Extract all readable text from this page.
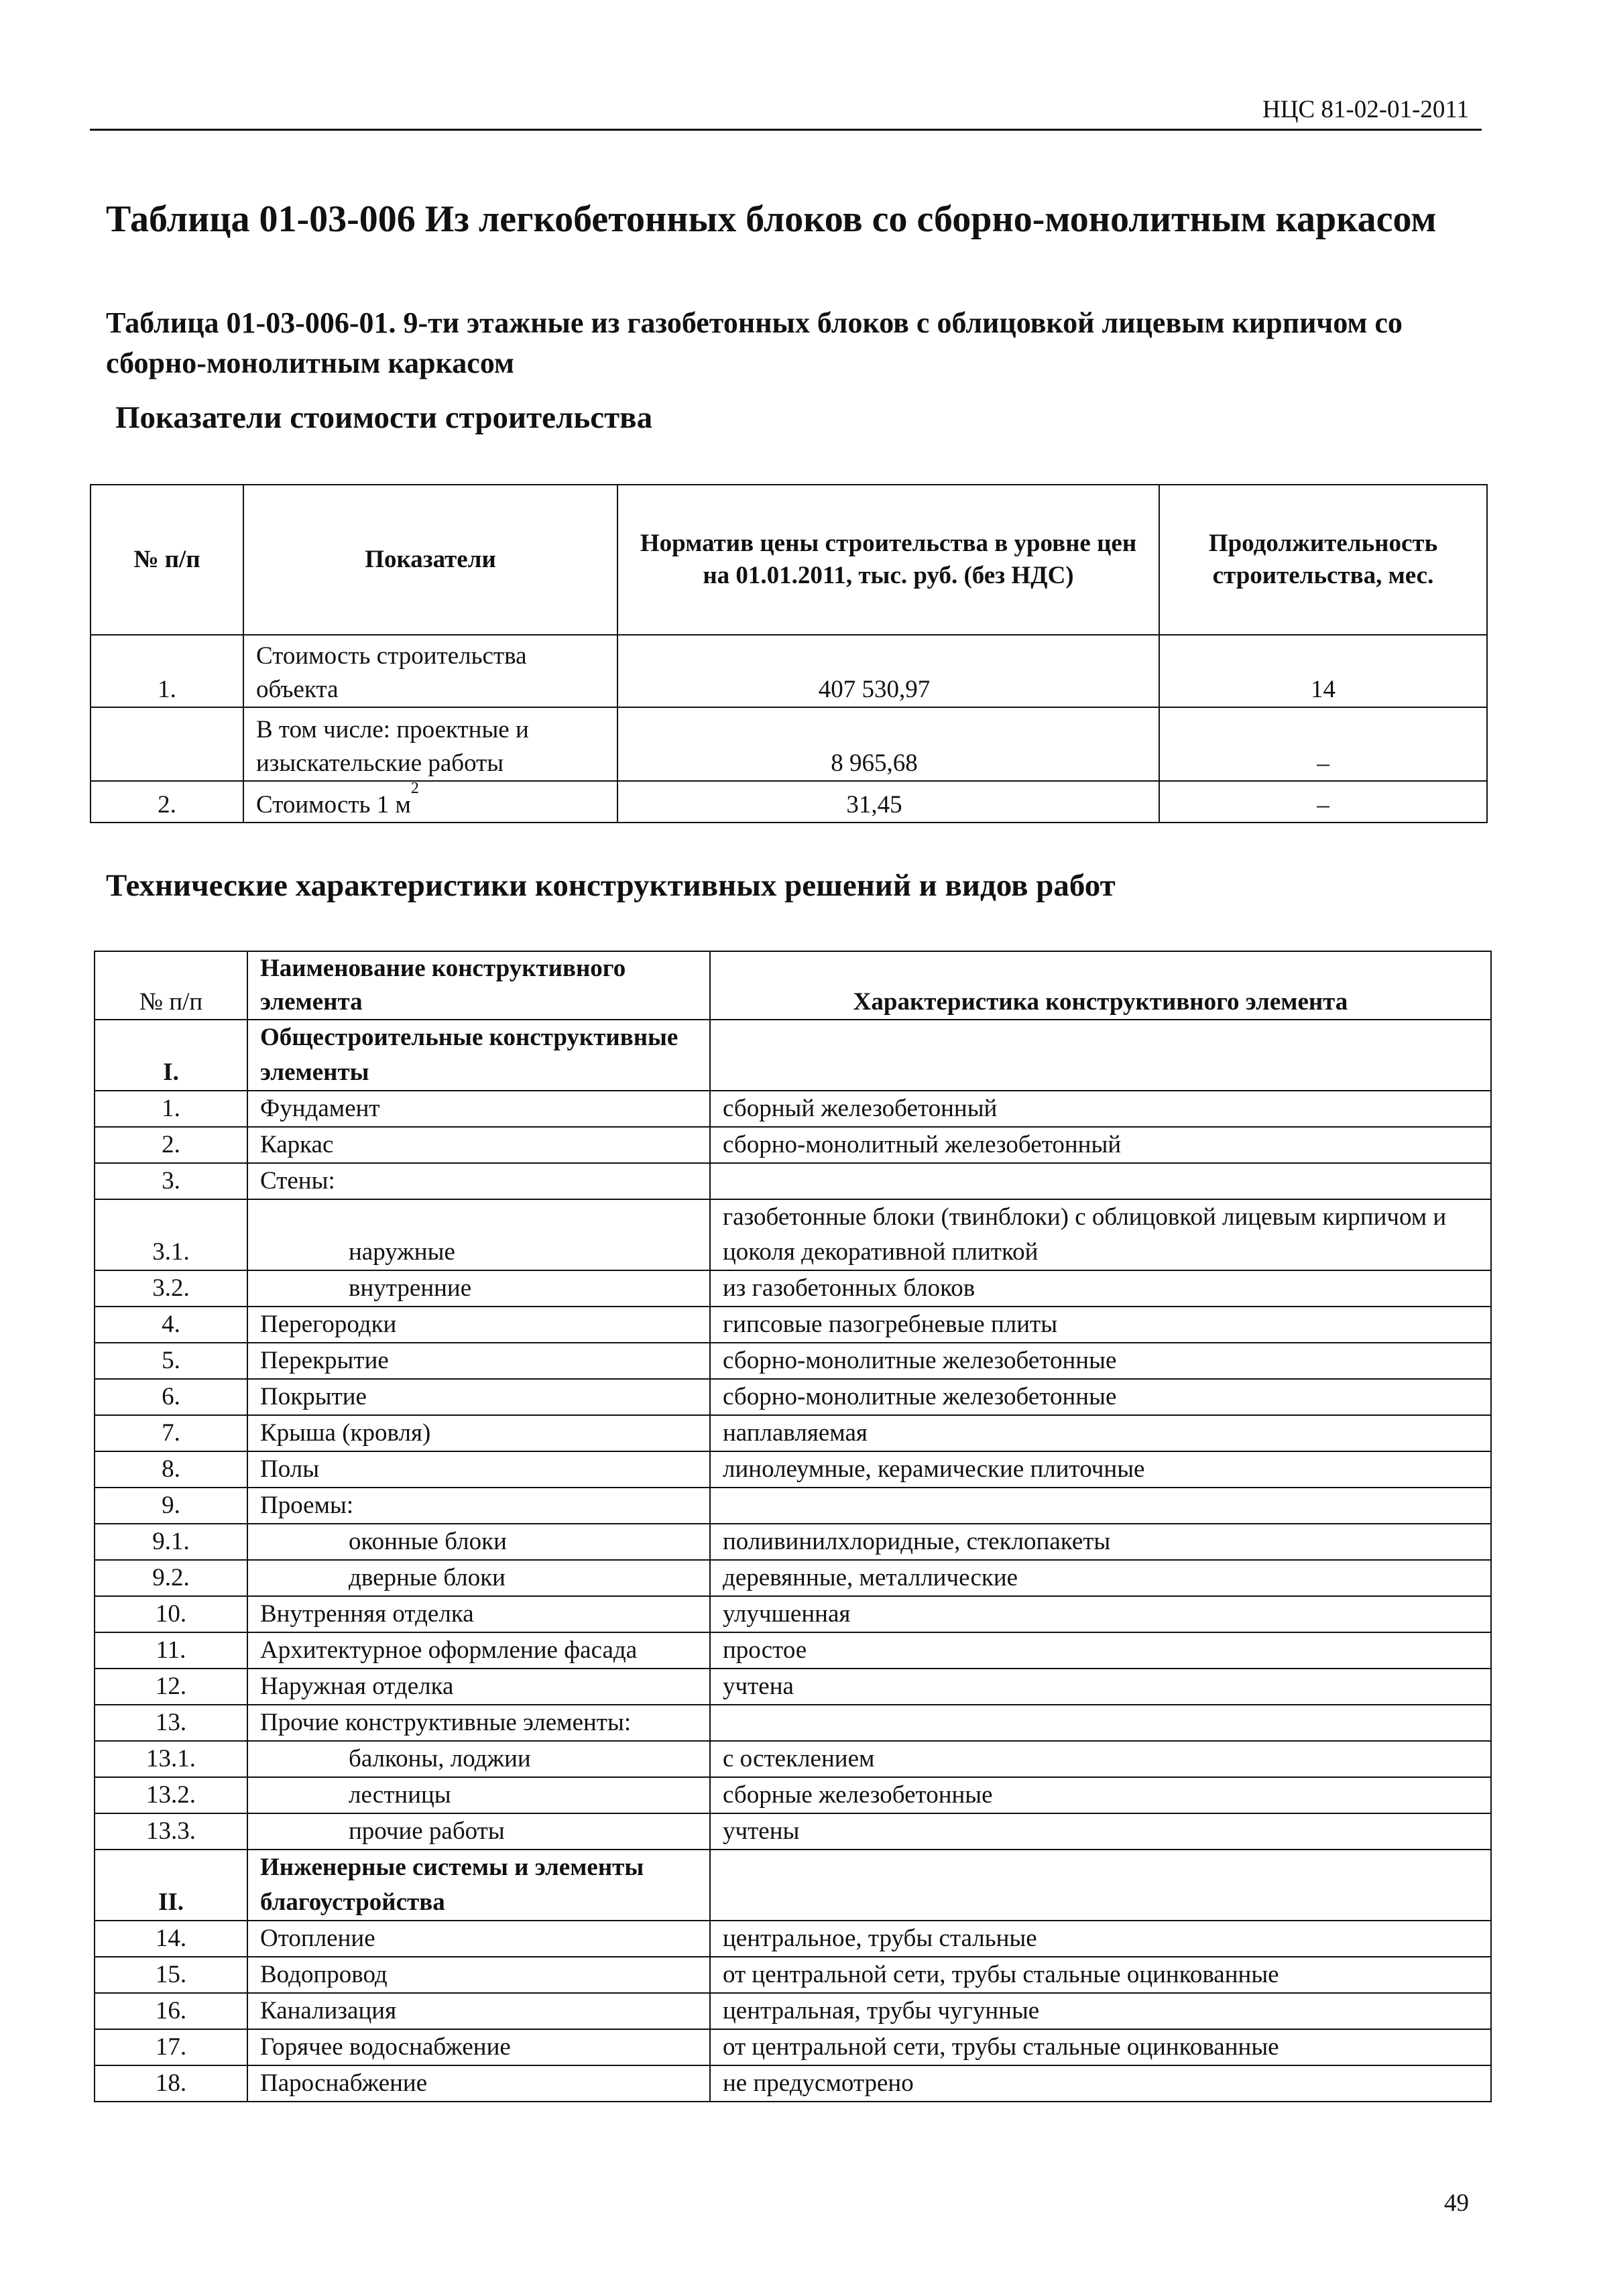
НЦС 81-02-01-2011
Таблица 01-03-006 Из легкобетонных блоков со сборно-монолитным каркасом
Таблица 01-03-006-01. 9-ти этажные из газобетонных блоков с облицовкой лицевым кирпичом со сборно-монолитным каркасом
Показатели стоимости строительства
№ п/п	Показатели	Норматив цены строительства в уровне цен на 01.01.2011, тыс. руб. (без НДС)	Продолжительность строительства, мес.
1.	Стоимость строительства объекта	407 530,97	14
	В том числе: проектные и изыскательские работы	8 965,68	–
2.	Стоимость 1 $м^2$	31,45	–
Технические характеристики конструктивных решений и видов работ
№ п/п	Наименование конструктивного элемента	Характеристика конструктивного элемента
I.	Общестроительные конструктивные элементы	
1.	Фундамент	сборный железобетонный
2.	Каркас	сборно-монолитный железобетонный
3.	Стены:	
3.1.	наружные	газобетонные блоки (твинблоки) с облицовкой лицевым кирпичом и цоколя декоративной плиткой
3.2.	внутренние	из газобетонных блоков
4.	Перегородки	гипсовые пазогребневые плиты
5.	Перекрытие	сборно-монолитные железобетонные
6.	Покрытие	сборно-монолитные железобетонные
7.	Крыша (кровля)	наплавляемая
8.	Полы	линолеумные, керамические плиточные
9.	Проемы:	
9.1.	оконные блоки	поливинилхлоридные, стеклопакеты
9.2.	дверные блоки	деревянные, металлические
10.	Внутренняя отделка	улучшенная
11.	Архитектурное оформление фасада	простое
12.	Наружная отделка	учтена
13.	Прочие конструктивные элементы:	
13.1.	балконы, лоджии	с остеклением
13.2.	лестницы	сборные железобетонные
13.3.	прочие работы	учтены
II.	Инженерные системы и элементы благоустройства	
14.	Отопление	центральное, трубы стальные
15.	Водопровод	от центральной сети, трубы стальные оцинкованные
16.	Канализация	центральная, трубы чугунные
17.	Горячее водоснабжение	от центральной сети, трубы стальные оцинкованные
18.	Пароснабжение	не предусмотрено
49
